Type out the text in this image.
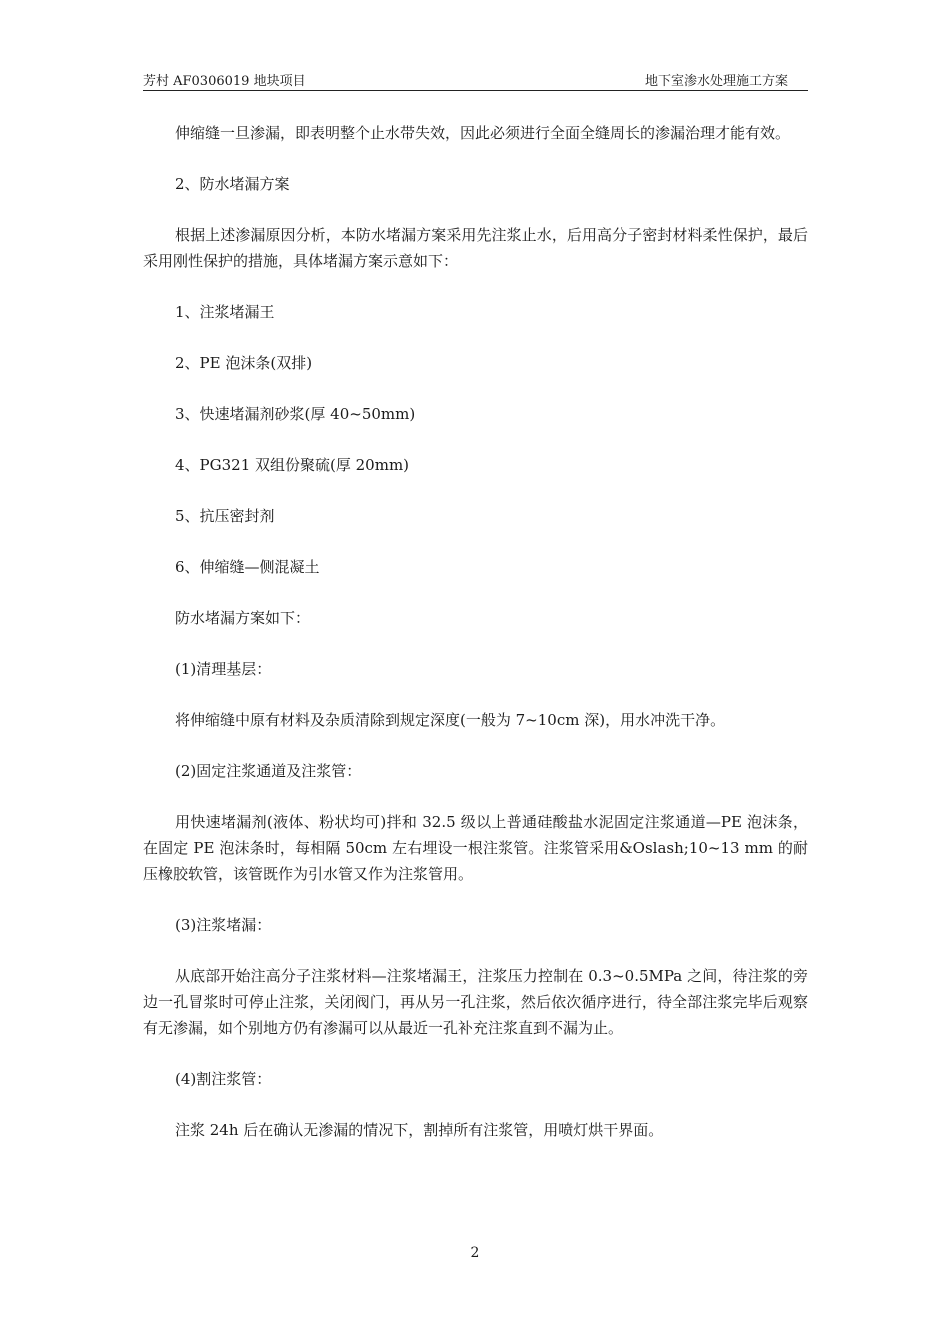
芳村 AF0306019 地块项目	地下室渗水处理施工方案

伸缩缝一旦渗漏，即表明整个止水带失效，因此必须进行全面全缝周长的渗漏治理才能有效。

2、防水堵漏方案

根据上述渗漏原因分析，本防水堵漏方案采用先注浆止水，后用高分子密封材料柔性保护，最后采用刚性保护的措施，具体堵漏方案示意如下：

1、注浆堵漏王

2、PE 泡沫条(双排)

3、快速堵漏剂砂浆(厚 40~50mm)

4、PG321 双组份聚硫(厚 20mm)

5、抗压密封剂

6、伸缩缝—侧混凝土

防水堵漏方案如下：

(1)清理基层：

将伸缩缝中原有材料及杂质清除到规定深度(一般为 7~10cm 深)，用水冲洗干净。

(2)固定注浆通道及注浆管：

用快速堵漏剂(液体、粉状均可)拌和 32.5 级以上普通硅酸盐水泥固定注浆通道—PE 泡沫条，在固定 PE 泡沫条时，每相隔 50cm 左右埋设一根注浆管。注浆管采用&Oslash;10~13 mm 的耐压橡胶软管，该管既作为引水管又作为注浆管用。

(3)注浆堵漏：

从底部开始注高分子注浆材料—注浆堵漏王，注浆压力控制在 0.3~0.5MPa 之间，待注浆的旁边一孔冒浆时可停止注浆，关闭阀门，再从另一孔注浆，然后依次循序进行，待全部注浆完毕后观察有无渗漏，如个别地方仍有渗漏可以从最近一孔补充注浆直到不漏为止。

(4)割注浆管：

注浆 24h 后在确认无渗漏的情况下，割掉所有注浆管，用喷灯烘干界面。

2
